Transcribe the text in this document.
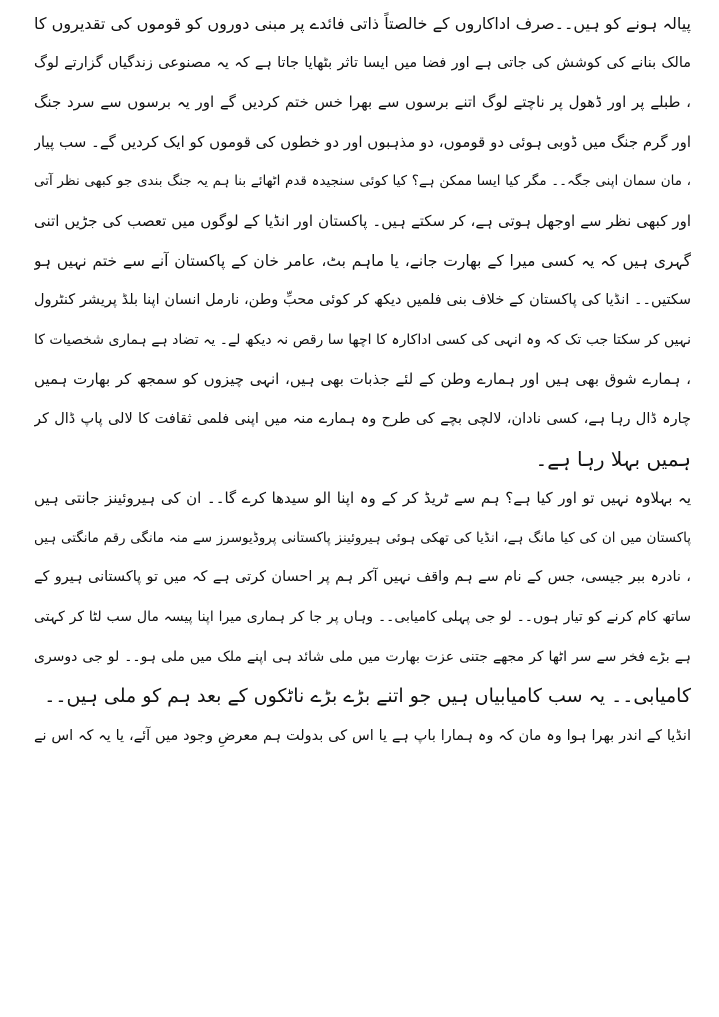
پیالہ ہونے کو ہیں۔۔صرف اداکاروں کے خالصتاً ذاتی فائدے پر مبنی دوروں کو قوموں کی تقدیروں کا
مالک بنانے کی کوشش کی جاتی ہے اور فضا میں ایسا تاثر بٹھایا جاتا ہے کہ یہ مصنوعی زندگیاں گزارتے لوگ
، طبلے پر اور ڈھول پر ناچتے لوگ اتنے برسوں سے بھرا خس ختم کردیں گے اور یہ برسوں سے سرد جنگ
اور گرم جنگ میں ڈوبی ہوئی دو قوموں، دو مذہبوں اور دو خطوں کی قوموں کو ایک کردیں گے۔ سب پیار
، مان سمان اپنی جگہ۔۔ مگر کیا ایسا ممکن ہے؟ کیا کوئی سنجیدہ قدم اٹھائے بنا ہم یہ جنگ بندی جو کبھی نظر آتی
اور کبھی نظر سے اوجھل ہوتی ہے، کر سکتے ہیں۔ پاکستان اور انڈیا کے لوگوں میں تعصب کی جڑیں اتنی
گہری ہیں کہ یہ کسی میرا کے بھارت جانے، یا ماہم بٹ، عامر خان کے پاکستان آنے سے ختم نہیں ہو
سکتیں۔۔ انڈیا کی پاکستان کے خلاف بنی فلمیں دیکھ کر کوئی محبِّ وطن، نارمل انسان اپنا بلڈ پریشر کنٹرول
نہیں کر سکتا جب تک کہ وہ انہی کی کسی اداکارہ کا اچھا سا رقص نہ دیکھ لے۔ یہ تضاد ہے ہماری شخصیات کا
، ہمارے شوق بھی ہیں اور ہمارے وطن کے لئے جذبات بھی ہیں، انہی چیزوں کو سمجھ کر بھارت ہمیں
چارہ ڈال رہا ہے، کسی نادان، لالچی بچے کی طرح وہ ہمارے منہ میں اپنی فلمی ثقافت کا لالی پاپ ڈال کر
ہمیں بہلا رہا ہے۔
یہ بہلاوہ نہیں تو اور کیا ہے؟ ہم سے ٹریڈ کر کے وہ اپنا الو سیدھا کرے گا۔۔ ان کی ہیروئینز جانتی ہیں
پاکستان میں ان کی کیا مانگ ہے، انڈیا کی تھکی ہوئی ہیروئینز پاکستانی پروڈیوسرز سے منہ مانگی رقم مانگتی ہیں
، نادرہ ببر جیسی، جس کے نام سے ہم واقف نہیں آکر ہم پر احسان کرتی ہے کہ میں تو پاکستانی ہیرو کے
ساتھ کام کرنے کو تیار ہوں۔۔ لو جی پہلی کامیابی۔۔ وہاں پر جا کر ہماری میرا اپنا پیسہ مال سب لٹا کر کہتی
ہے بڑے فخر سے سر اٹھا کر مجھے جتنی عزت بھارت میں ملی شائد ہی اپنے ملک میں ملی ہو۔۔ لو جی دوسری
کامیابی۔۔ یہ سب کامیابیاں ہیں جو اتنے بڑے بڑے ناٹکوں کے بعد ہم کو ملی ہیں۔۔
انڈیا کے اندر بھرا ہوا وہ مان کہ وہ ہمارا باپ ہے یا اس کی بدولت ہم معرضِ وجود میں آئے، یا یہ کہ اس نے
